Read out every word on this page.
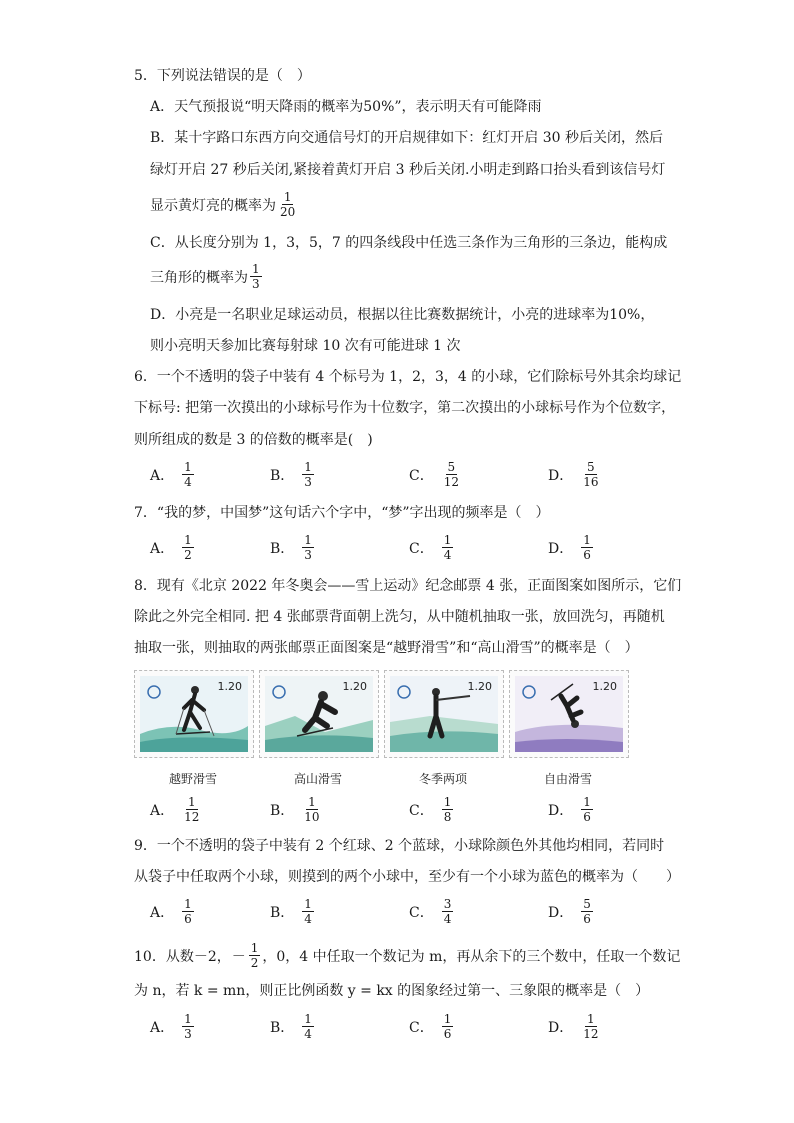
5．下列说法错误的是（　）
A．天气预报说“明天降雨的概率为50%”，表示明天有可能降雨
B．某十字路口东西方向交通信号灯的开启规律如下：红灯开启 30 秒后关闭，然后
绿灯开启 27 秒后关闭,紧接着黄灯开启 3 秒后关闭.小明走到路口抬头看到该信号灯
显示黄灯亮的概率为 $\frac{1}{20}$
C．从长度分别为 1，3，5，7 的四条线段中任选三条作为三角形的三条边，能构成
三角形的概率为 $\frac{1}{3}$
D．小亮是一名职业足球运动员，根据以往比赛数据统计，小亮的进球率为10%，
则小亮明天参加比赛每射球 10 次有可能进球 1 次
6．一个不透明的袋子中装有 4 个标号为 1，2，3，4 的小球，它们除标号外其余均球记
下标号: 把第一次摸出的小球标号作为十位数字，第二次摸出的小球标号作为个位数字，
则所组成的数是 3 的倍数的概率是(　)
A． $\frac{1}{4}$	B． $\frac{1}{3}$	C． $\frac{5}{12}$	D． $\frac{5}{16}$
7．“我的梦，中国梦”这句话六个字中，“梦”字出现的频率是（　）
A． $\frac{1}{2}$	B． $\frac{1}{3}$	C． $\frac{1}{4}$	D． $\frac{1}{6}$
8．现有《北京 2022 年冬奥会——雪上运动》纪念邮票 4 张，正面图案如图所示，它们
除此之外完全相同. 把 4 张邮票背面朝上洗匀，从中随机抽取一张，放回洗匀，再随机
抽取一张，则抽取的两张邮票正面图案是“越野滑雪”和“高山滑雪”的概率是（　）
1.20	1.20	1.20	1.20
越野滑雪	高山滑雪	冬季两项	自由滑雪
A． $\frac{1}{12}$	B． $\frac{1}{10}$	C． $\frac{1}{8}$	D． $\frac{1}{6}$
9．一个不透明的袋子中装有 2 个红球、2 个蓝球，小球除颜色外其他均相同，若同时
从袋子中任取两个小球，则摸到的两个小球中，至少有一个小球为蓝色的概率为（　　）
A． $\frac{1}{6}$	B． $\frac{1}{4}$	C． $\frac{3}{4}$	D． $\frac{5}{6}$
10．从数－2， － $\frac{1}{2}$ ，0，4 中任取一个数记为 m，再从余下的三个数中，任取一个数记
为 n，若 k = mn，则正比例函数 y = kx 的图象经过第一、三象限的概率是（　）
A． $\frac{1}{3}$	B． $\frac{1}{4}$	C． $\frac{1}{6}$	D． $\frac{1}{12}$
